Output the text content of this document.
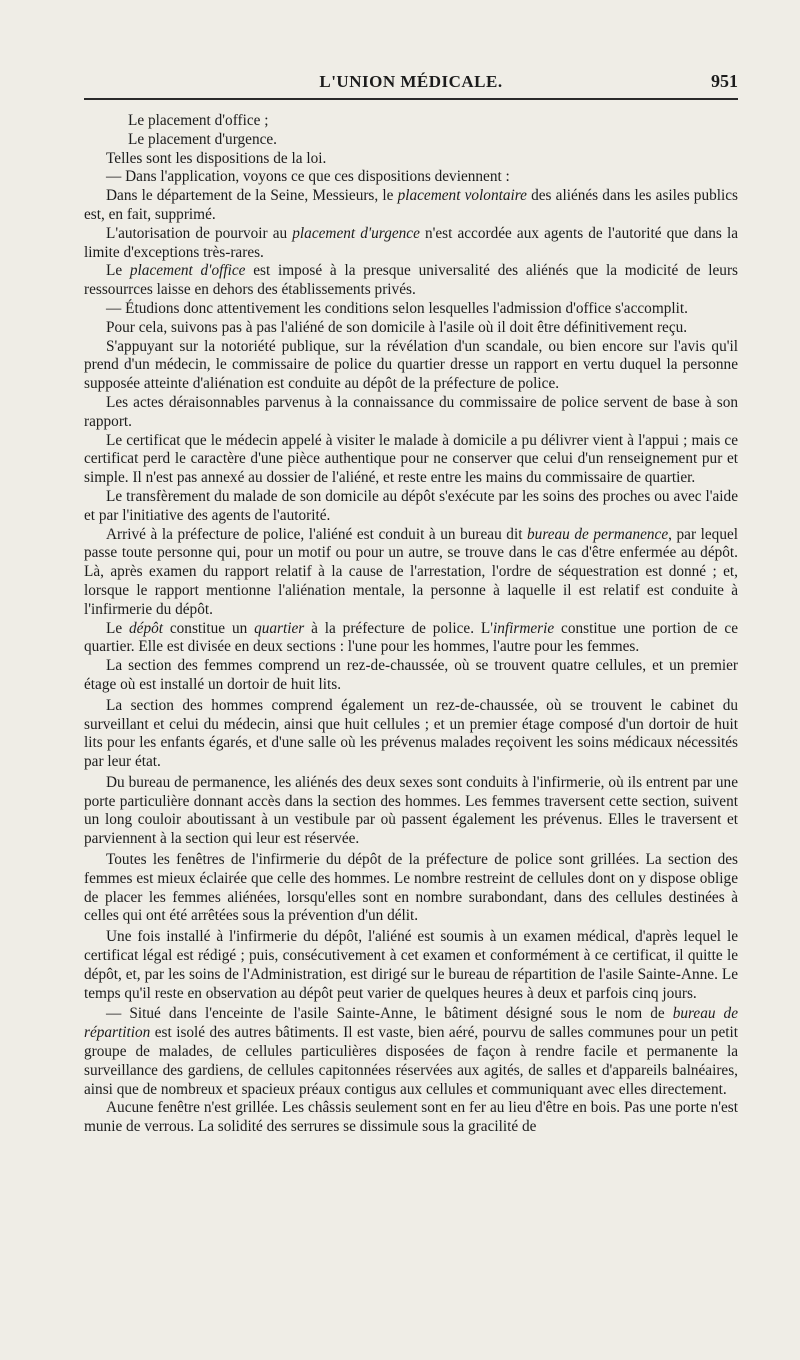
L'UNION MÉDICALE.	951

Le placement d'office ;

Le placement d'urgence.

Telles sont les dispositions de la loi.

— Dans l'application, voyons ce que ces dispositions deviennent :

Dans le département de la Seine, Messieurs, le placement volontaire des aliénés dans les asiles publics est, en fait, supprimé.

L'autorisation de pourvoir au placement d'urgence n'est accordée aux agents de l'autorité que dans la limite d'exceptions très-rares.

Le placement d'office est imposé à la presque universalité des aliénés que la modicité de leurs ressourrces laisse en dehors des établissements privés.

— Étudions donc attentivement les conditions selon lesquelles l'admission d'office s'accomplit.

Pour cela, suivons pas à pas l'aliéné de son domicile à l'asile où il doit être définitivement reçu.

S'appuyant sur la notoriété publique, sur la révélation d'un scandale, ou bien encore sur l'avis qu'il prend d'un médecin, le commissaire de police du quartier dresse un rapport en vertu duquel la personne supposée atteinte d'aliénation est conduite au dépôt de la préfecture de police.

Les actes déraisonnables parvenus à la connaissance du commissaire de police servent de base à son rapport.

Le certificat que le médecin appelé à visiter le malade à domicile a pu délivrer vient à l'appui ; mais ce certificat perd le caractère d'une pièce authentique pour ne conserver que celui d'un renseignement pur et simple. Il n'est pas annexé au dossier de l'aliéné, et reste entre les mains du commissaire de quartier.

Le transfèrement du malade de son domicile au dépôt s'exécute par les soins des proches ou avec l'aide et par l'initiative des agents de l'autorité.

Arrivé à la préfecture de police, l'aliéné est conduit à un bureau dit bureau de permanence, par lequel passe toute personne qui, pour un motif ou pour un autre, se trouve dans le cas d'être enfermée au dépôt. Là, après examen du rapport relatif à la cause de l'arrestation, l'ordre de séquestration est donné ; et, lorsque le rapport mentionne l'aliénation mentale, la personne à laquelle il est relatif est conduite à l'infirmerie du dépôt.

Le dépôt constitue un quartier à la préfecture de police. L'infirmerie constitue une portion de ce quartier. Elle est divisée en deux sections : l'une pour les hommes, l'autre pour les femmes.

La section des femmes comprend un rez-de-chaussée, où se trouvent quatre cellules, et un premier étage où est installé un dortoir de huit lits.

La section des hommes comprend également un rez-de-chaussée, où se trouvent le cabinet du surveillant et celui du médecin, ainsi que huit cellules ; et un premier étage composé d'un dortoir de huit lits pour les enfants égarés, et d'une salle où les prévenus malades reçoivent les soins médicaux nécessités par leur état.

Du bureau de permanence, les aliénés des deux sexes sont conduits à l'infirmerie, où ils entrent par une porte particulière donnant accès dans la section des hommes. Les femmes traversent cette section, suivent un long couloir aboutissant à un vestibule par où passent également les prévenus. Elles le traversent et parviennent à la section qui leur est réservée.

Toutes les fenêtres de l'infirmerie du dépôt de la préfecture de police sont grillées. La section des femmes est mieux éclairée que celle des hommes. Le nombre restreint de cellules dont on y dispose oblige de placer les femmes aliénées, lorsqu'elles sont en nombre surabondant, dans des cellules destinées à celles qui ont été arrêtées sous la prévention d'un délit.

Une fois installé à l'infirmerie du dépôt, l'aliéné est soumis à un examen médical, d'après lequel le certificat légal est rédigé ; puis, consécutivement à cet examen et conformément à ce certificat, il quitte le dépôt, et, par les soins de l'Administration, est dirigé sur le bureau de répartition de l'asile Sainte-Anne. Le temps qu'il reste en observation au dépôt peut varier de quelques heures à deux et parfois cinq jours.

— Situé dans l'enceinte de l'asile Sainte-Anne, le bâtiment désigné sous le nom de bureau de répartition est isolé des autres bâtiments. Il est vaste, bien aéré, pourvu de salles communes pour un petit groupe de malades, de cellules particulières disposées de façon à rendre facile et permanente la surveillance des gardiens, de cellules capitonnées réservées aux agités, de salles et d'appareils balnéaires, ainsi que de nombreux et spacieux préaux contigus aux cellules et communiquant avec elles directement.

Aucune fenêtre n'est grillée. Les châssis seulement sont en fer au lieu d'être en bois. Pas une porte n'est munie de verrous. La solidité des serrures se dissimule sous la gracilité de
